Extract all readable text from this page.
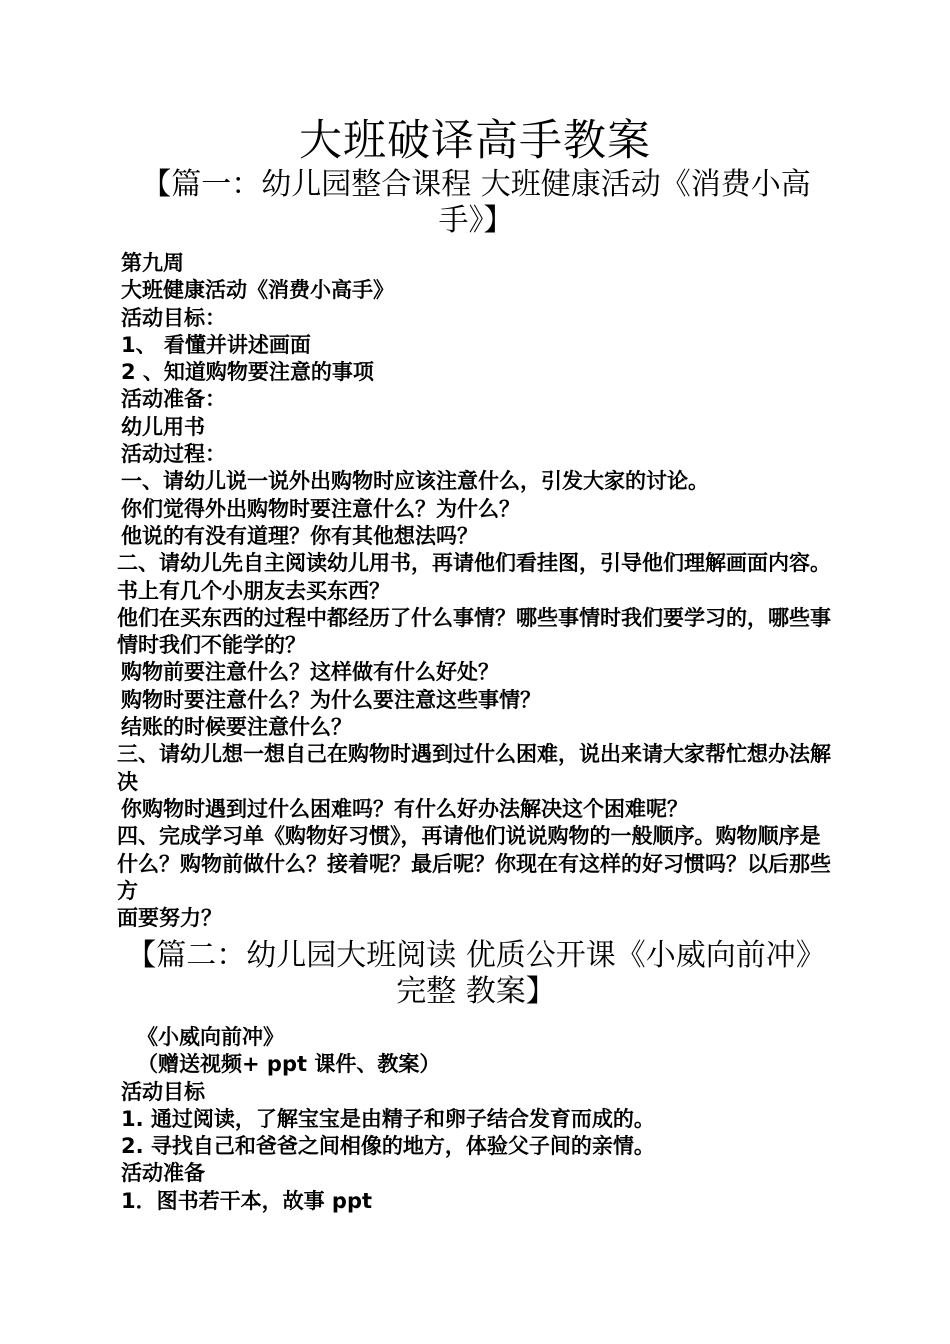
大班破译高手教案
【篇一：幼儿园整合课程 大班健康活动《消费小高手》】
第九周
大班健康活动《消费小高手》
活动目标：
1、 看懂并讲述画面
2 、知道购物要注意的事项
活动准备：
幼儿用书
活动过程：
一、请幼儿说一说外出购物时应该注意什么，引发大家的讨论。
你们觉得外出购物时要注意什么？为什么？
他说的有没有道理？你有其他想法吗？
二、请幼儿先自主阅读幼儿用书，再请他们看挂图，引导他们理解画面内容。 书上有几个小朋友去买东西？
他们在买东西的过程中都经历了什么事情？哪些事情时我们要学习的，哪些事情时我们不能学的？
购物前要注意什么？这样做有什么好处？
购物时要注意什么？为什么要注意这些事情？
结账的时候要注意什么？
三、请幼儿想一想自己在购物时遇到过什么困难，说出来请大家帮忙想办法解决
你购物时遇到过什么困难吗？有什么好办法解决这个困难呢？
四、完成学习单《购物好习惯》，再请他们说说购物的一般顺序。购物顺序是什么？购物前做什么？接着呢？最后呢？你现在有这样的好习惯吗？以后那些方
面要努力？
【篇二：幼儿园大班阅读 优质公开课《小威向前冲》完整 教案】
《小威向前冲》
（赠送视频+ ppt 课件、教案）
活动目标
1. 通过阅读，了解宝宝是由精子和卵子结合发育而成的。
2. 寻找自己和爸爸之间相像的地方，体验父子间的亲情。
活动准备
1．图书若干本，故事 ppt
